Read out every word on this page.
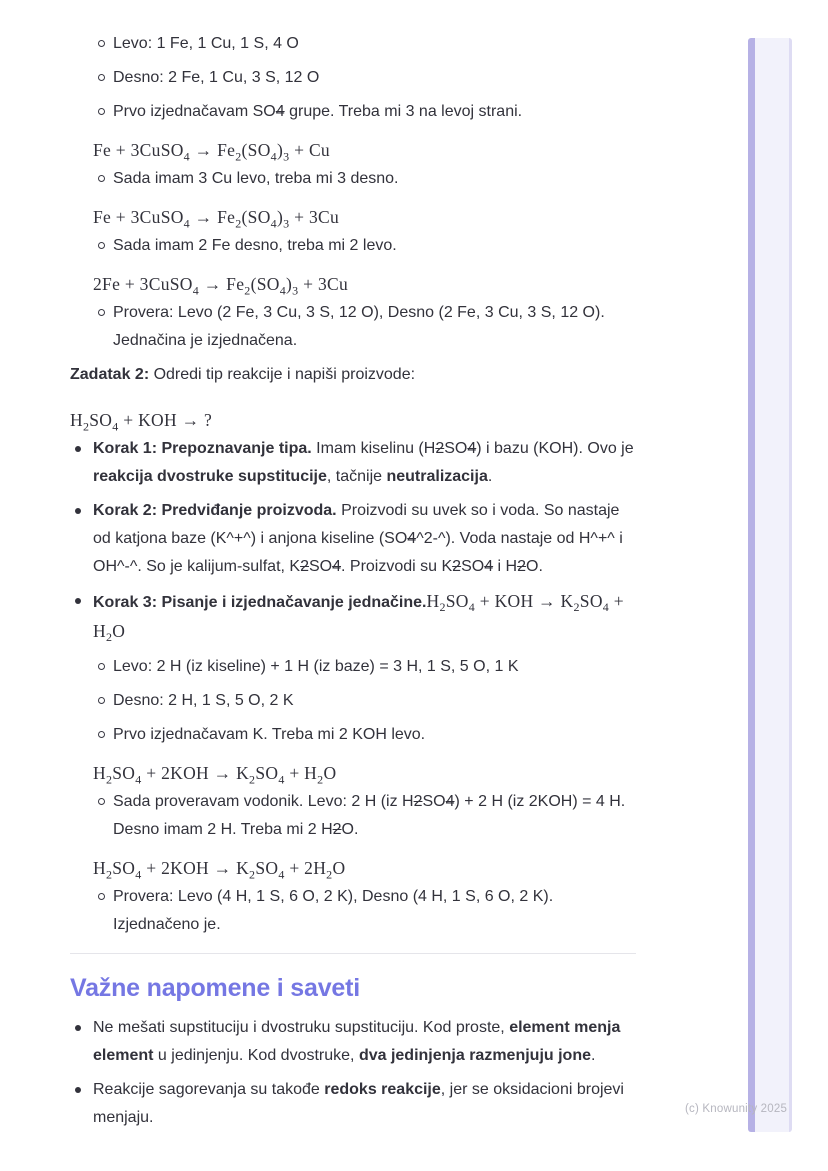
Levo: 1 Fe, 1 Cu, 1 S, 4 O
Desno: 2 Fe, 1 Cu, 3 S, 12 O
Prvo izjednačavam SO4 grupe. Treba mi 3 na levoj strani.
Fe + 3CuSO$_4$ → $Fe_2(SO_4)_3 + Cu$
Sada imam 3 Cu levo, treba mi 3 desno.
Fe + 3CuSO$_4$ → $Fe_2(SO_4)_3 + 3Cu$
Sada imam 2 Fe desno, treba mi 2 levo.
2Fe + 3CuSO$_4$ → $Fe_2(SO_4)_3 + 3Cu$
Provera: Levo (2 Fe, 3 Cu, 3 S, 12 O), Desno (2 Fe, 3 Cu, 3 S, 12 O). Jednačina je izjednačena.
Zadatak 2: Odredi tip reakcije i napiši proizvode:
$H_2SO_4$ + KOH → ?
Korak 1: Prepoznavanje tipa. Imam kiselinu (H2SO4) i bazu (KOH). Ovo je reakcija dvostruke supstitucije, tačnije neutralizacija.
Korak 2: Predviđanje proizvoda. Proizvodi su uvek so i voda. So nastaje od katjona baze (K^+^) i anjona kiseline (SO4^2-^). Voda nastaje od H^+^ i OH^-^. So je kalijum-sulfat, K2SO4. Proizvodi su K2SO4 i H2O.
Korak 3: Pisanje i izjednačavanje $jednačine.H_2SO_4$ + KOH → $K_2SO_4 + H_2O$
Levo: 2 H (iz kiseline) + 1 H (iz baze) = 3 H, 1 S, 5 O, 1 K
Desno: 2 H, 1 S, 5 O, 2 K
Prvo izjednačavam K. Treba mi 2 KOH levo.
$H_2SO_4 + 2KOH \to K_2SO_4 + H_2O$
Sada proveravam vodonik. Levo: 2 H (iz H2SO4) + 2 H (iz 2KOH) = 4 H. Desno imam 2 H. Treba mi 2 H2O.
$H_2SO_4 + 2KOH \to K_2SO_4 + 2H_2O$
Provera: Levo (4 H, 1 S, 6 O, 2 K), Desno (4 H, 1 S, 6 O, 2 K). Izjednačeno je.
Važne napomene i saveti
Ne mešati supstituciju i dvostruku supstituciju. Kod proste, element menja element u jedinjenju. Kod dvostruke, dva jedinjenja razmenjuju jone.
Reakcije sagorevanja su takođe redoks reakcije, jer se oksidacioni brojevi menjaju.	(c) Knowunity 2025
